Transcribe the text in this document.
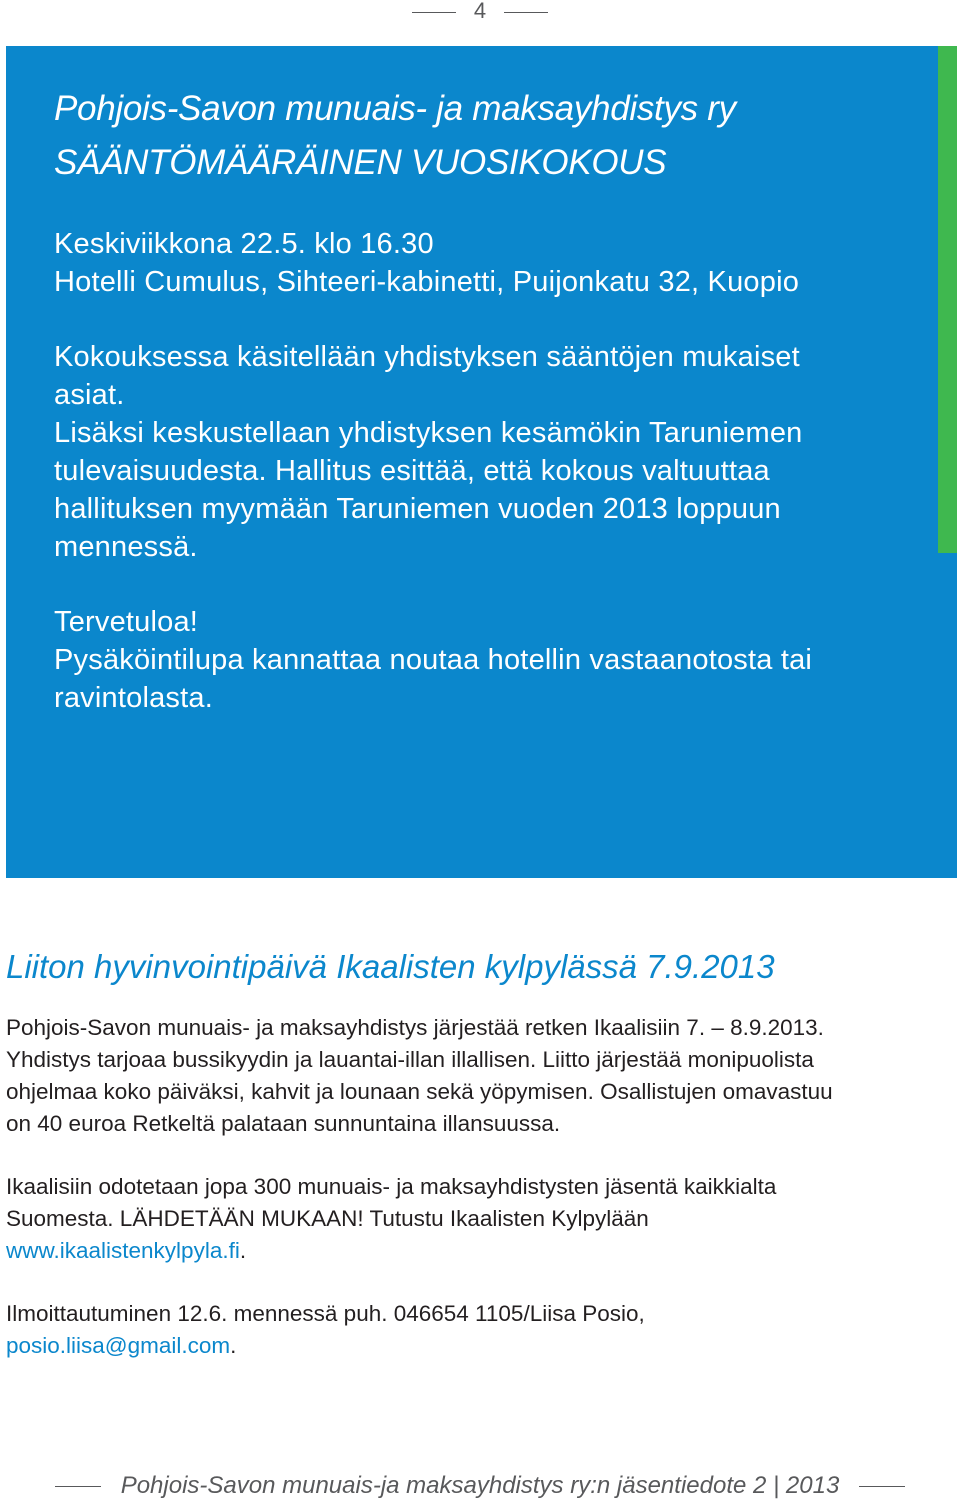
4
Pohjois-Savon munuais- ja maksayhdistys ry
SÄÄNTÖMÄÄRÄINEN VUOSIKOKOUS

Keskiviikkona 22.5. klo 16.30

Hotelli Cumulus, Sihteeri-kabinetti, Puijonkatu 32, Kuopio

Kokouksessa käsitellään yhdistyksen sääntöjen mukaiset

asiat.

Lisäksi keskustellaan yhdistyksen kesämökin Taruniemen

tulevaisuudesta. Hallitus esittää, että kokous valtuuttaa

hallituksen myymään Taruniemen vuoden 2013 loppuun

mennessä.

Tervetuloa!

Pysäköintilupa kannattaa noutaa hotellin vastaanotosta tai

ravintolasta.

Liiton hyvinvointipäivä Ikaalisten kylpylässä 7.9.2013

Pohjois-Savon munuais- ja maksayhdistys järjestää retken Ikaalisiin 7. – 8.9.2013.

Yhdistys tarjoaa bussikyydin ja lauantai-illan illallisen. Liitto järjestää monipuolista

ohjelmaa koko päiväksi, kahvit ja lounaan sekä yöpymisen. Osallistujen omavastuu

on 40 euroa Retkeltä palataan sunnuntaina illansuussa.

Ikaalisiin odotetaan jopa 300 munuais- ja maksayhdistysten jäsentä kaikkialta

Suomesta. LÄHDETÄÄN MUKAAN! Tutustu Ikaalisten Kylpylään

www.ikaalistenkylpyla.fi.

Ilmoittautuminen 12.6. mennessä puh. 046654 1105/Liisa Posio,

posio.liisa@gmail.com.

Pohjois-Savon munuais-ja maksayhdistys ry:n jäsentiedote 2 | 2013
